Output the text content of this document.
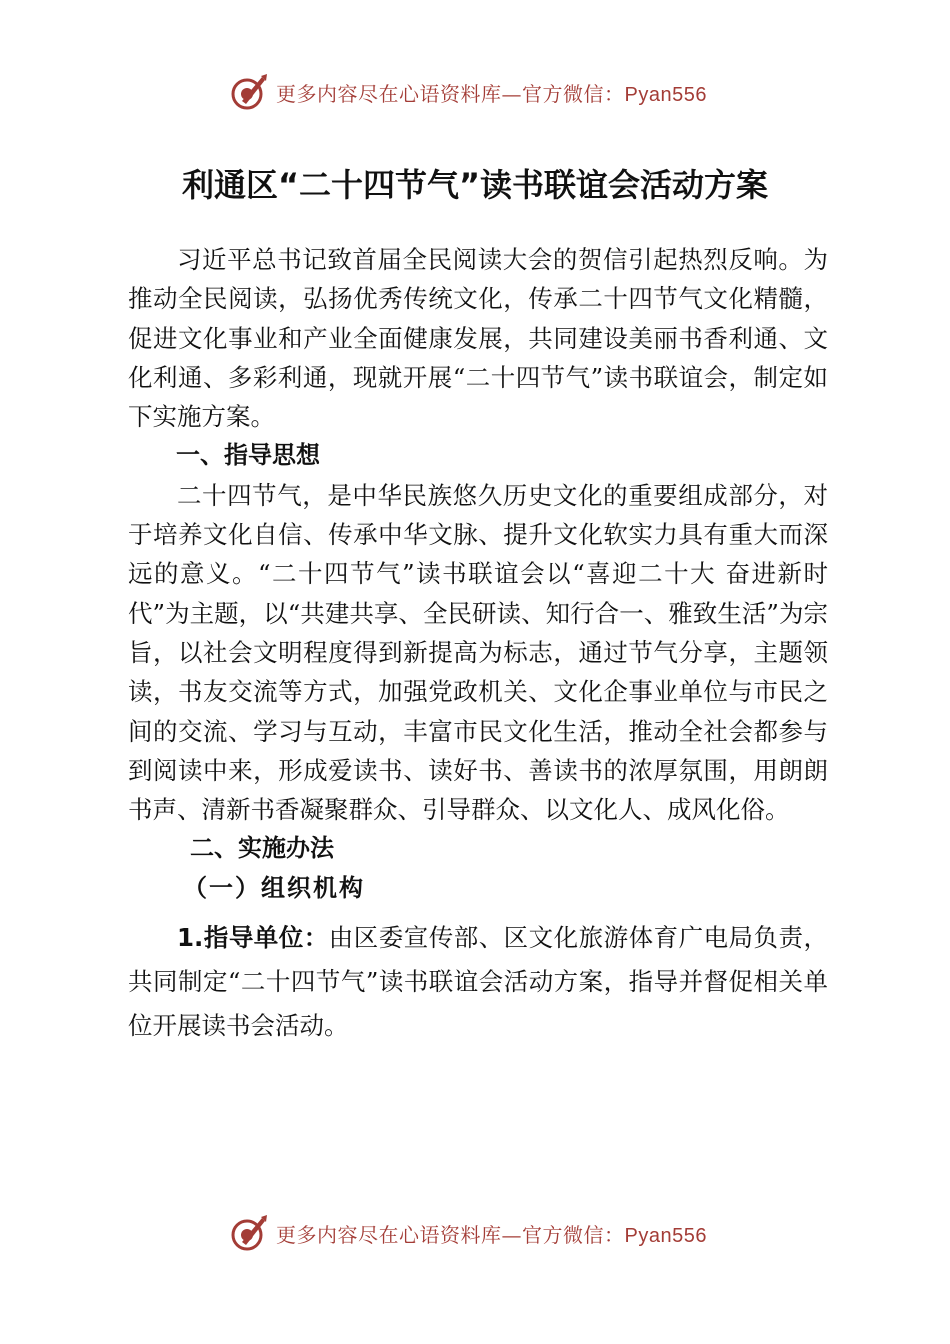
更多内容尽在心语资料库—官方微信：Pyan556
利通区“二十四节气”读书联谊会活动方案

习近平总书记致首届全民阅读大会的贺信引起热烈反响。为推动全民阅读，弘扬优秀传统文化，传承二十四节气文化精髓，促进文化事业和产业全面健康发展，共同建设美丽书香利通、文化利通、多彩利通，现就开展“二十四节气”读书联谊会，制定如下实施方案。

一、指导思想

二十四节气，是中华民族悠久历史文化的重要组成部分，对于培养文化自信、传承中华文脉、提升文化软实力具有重大而深远的意义。“二十四节气”读书联谊会以“喜迎二十大 奋进新时代”为主题，以“共建共享、全民研读、知行合一、雅致生活”为宗旨，以社会文明程度得到新提高为标志，通过节气分享，主题领读，书友交流等方式，加强党政机关、文化企事业单位与市民之间的交流、学习与互动，丰富市民文化生活，推动全社会都参与到阅读中来，形成爱读书、读好书、善读书的浓厚氛围，用朗朗书声、清新书香凝聚群众、引导群众、以文化人、成风化俗。

二、实施办法

（一）组织机构

1.指导单位：由区委宣传部、区文化旅游体育广电局负责，共同制定“二十四节气”读书联谊会活动方案，指导并督促相关单位开展读书会活动。

更多内容尽在心语资料库—官方微信：Pyan556
